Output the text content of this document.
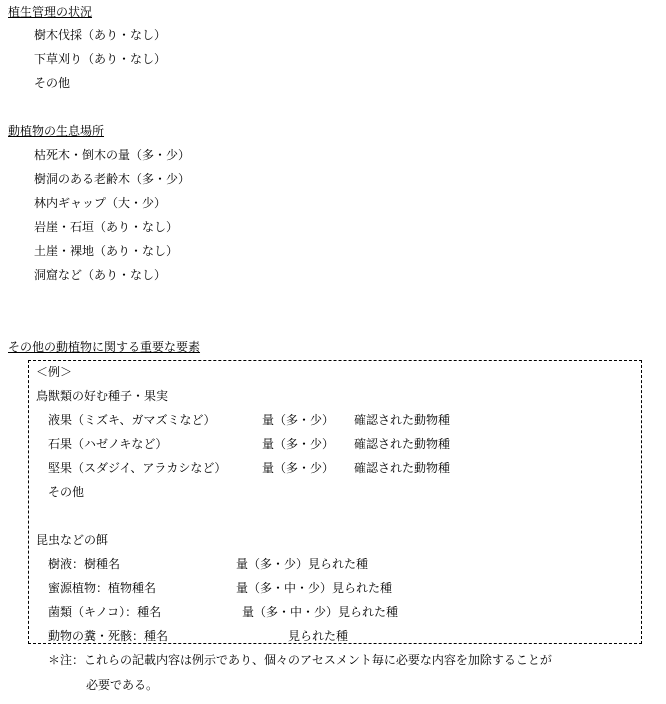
植生管理の状況
樹木伐採（あり・なし）
下草刈り（あり・なし）
その他
動植物の生息場所
枯死木・倒木の量（多・少）
樹洞のある老齢木（多・少）
林内ギャップ（大・少）
岩崖・石垣（あり・なし）
土崖・裸地（あり・なし）
洞窟など（あり・なし）
その他の動植物に関する重要な要素
＜例＞
鳥獣類の好む種子・果実
液果（ミズキ、ガマズミなど）	量（多・少） 確認された動物種
石果（ハゼノキなど）	量（多・少） 確認された動物種
堅果（スダジイ、アラカシなど）	量（多・少） 確認された動物種
その他
昆虫などの餌
樹液：樹種名	量（多・少）見られた種
蜜源植物：植物種名	量（多・中・少）見られた種
菌類（キノコ）：種名	量（多・中・少）見られた種
動物の糞・死骸：種名	見られた種
＊注：これらの記載内容は例示であり、個々のアセスメント毎に必要な内容を加除することが
必要である。
